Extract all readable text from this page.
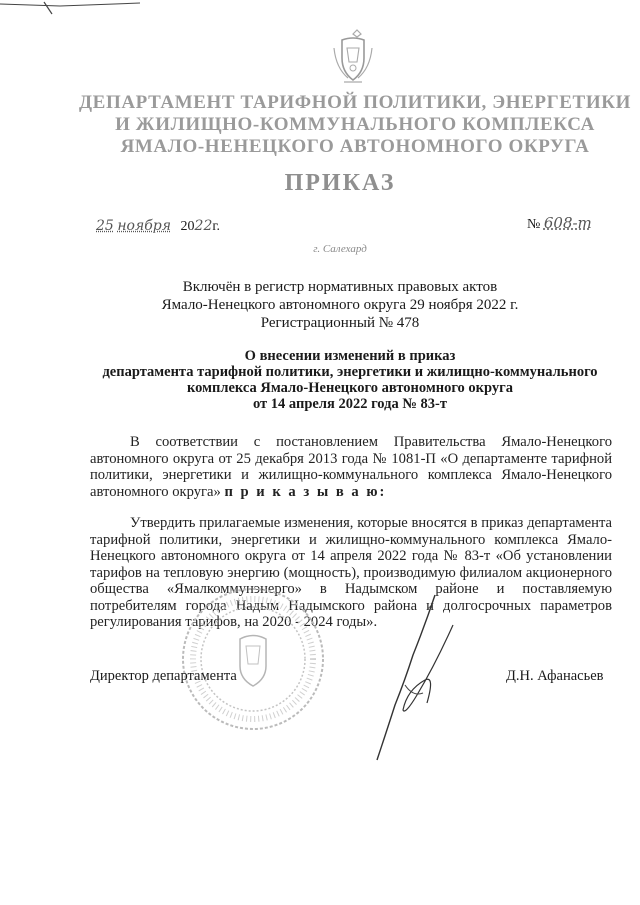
ДЕПАРТАМЕНТ ТАРИФНОЙ ПОЛИТИКИ, ЭНЕРГЕТИКИ
И ЖИЛИЩНО-КОММУНАЛЬНОГО КОМПЛЕКСА
ЯМАЛО-НЕНЕЦКОГО АВТОНОМНОГО ОКРУГА
ПРИКАЗ
25 ноября 2022г.	№ 608-т
г. Салехард
Включён в регистр нормативных правовых актов
Ямало-Ненецкого автономного округа 29 ноября 2022 г.
Регистрационный № 478
О внесении изменений в приказ
департамента тарифной политики, энергетики и жилищно-коммунального
комплекса Ямало-Ненецкого автономного округа
от 14 апреля 2022 года № 83-т
В соответствии с постановлением Правительства Ямало-Ненецкого автономного округа от 25 декабря 2013 года № 1081-П «О департаменте тарифной политики, энергетики и жилищно-коммунального комплекса Ямало-Ненецкого автономного округа» п р и к а з ы в а ю:
Утвердить прилагаемые изменения, которые вносятся в приказ департамента тарифной политики, энергетики и жилищно-коммунального комплекса Ямало-Ненецкого автономного округа от 14 апреля 2022 года № 83-т «Об установлении тарифов на тепловую энергию (мощность), производимую филиалом акционерного общества «Ямалкоммунэнерго» в Надымском районе и поставляемую потребителям города Надым Надымского района и долгосрочных параметров регулирования тарифов, на 2020 - 2024 годы».
Директор департамента	Д.Н. Афанасьев
